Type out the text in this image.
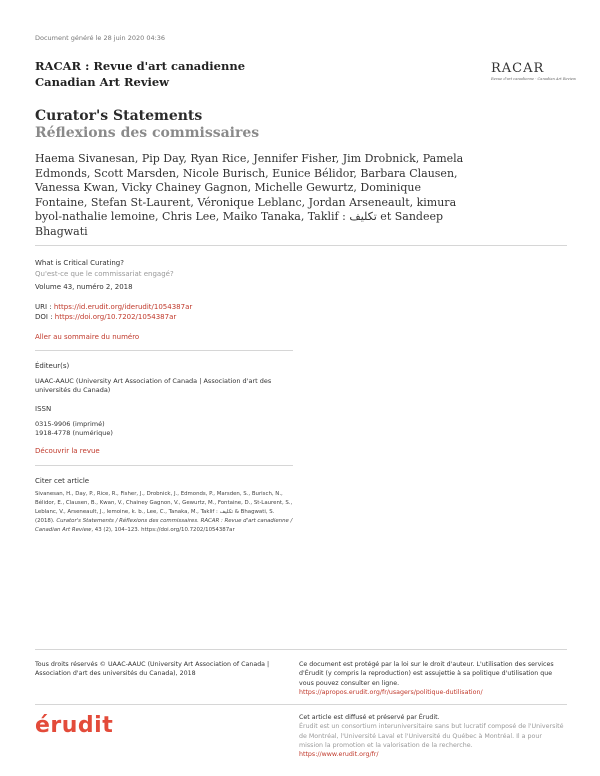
Document généré le 28 juin 2020 04:36
RACAR : Revue d'art canadienne
Canadian Art Review
RACAR
Revue d'art canadienne · Canadian Art Review
Curator's Statements
Réflexions des commissaires
Haema Sivanesan, Pip Day, Ryan Rice, Jennifer Fisher, Jim Drobnick, Pamela Edmonds, Scott Marsden, Nicole Burisch, Eunice Bélidor, Barbara Clausen, Vanessa Kwan, Vicky Chainey Gagnon, Michelle Gewurtz, Dominique Fontaine, Stefan St-Laurent, Véronique Leblanc, Jordan Arseneault, kimura byol-nathalie lemoine, Chris Lee, Maiko Tanaka, Taklif : تكليف et Sandeep Bhagwati
What is Critical Curating?
Qu'est-ce que le commissariat engagé?
Volume 43, numéro 2, 2018
URI : https://id.erudit.org/iderudit/1054387ar
DOI : https://doi.org/10.7202/1054387ar
Aller au sommaire du numéro
Éditeur(s)
UAAC-AAUC (University Art Association of Canada | Association d'art des universités du Canada)
ISSN
0315-9906 (imprimé)
1918-4778 (numérique)
Découvrir la revue
Citer cet article
Sivanesan, H., Day, P., Rice, R., Fisher, J., Drobnick, J., Edmonds, P., Marsden, S., Burisch, N., Bélidor, E., Clausen, B., Kwan, V., Chainey Gagnon, V., Gewurtz, M., Fontaine, D., St-Laurent, S., Leblanc, V., Arseneault, J., lemoine, k. b., Lee, C., Tanaka, M., Taklif : تكليف & Bhagwati, S. (2018). Curator's Statements / Réflexions des commissaires. RACAR : Revue d'art canadienne / Canadian Art Review, 43 (2), 104–123. https://doi.org/10.7202/1054387ar
Tous droits réservés © UAAC-AAUC (University Art Association of Canada | Association d'art des universités du Canada), 2018
Ce document est protégé par la loi sur le droit d'auteur. L'utilisation des services d'Érudit (y compris la reproduction) est assujettie à sa politique d'utilisation que vous pouvez consulter en ligne.
https://apropos.erudit.org/fr/usagers/politique-dutilisation/
érudit	Cet article est diffusé et préservé par Érudit.
Érudit est un consortium interuniversitaire sans but lucratif composé de l'Université de Montréal, l'Université Laval et l'Université du Québec à Montréal. Il a pour mission la promotion et la valorisation de la recherche.
https://www.erudit.org/fr/
